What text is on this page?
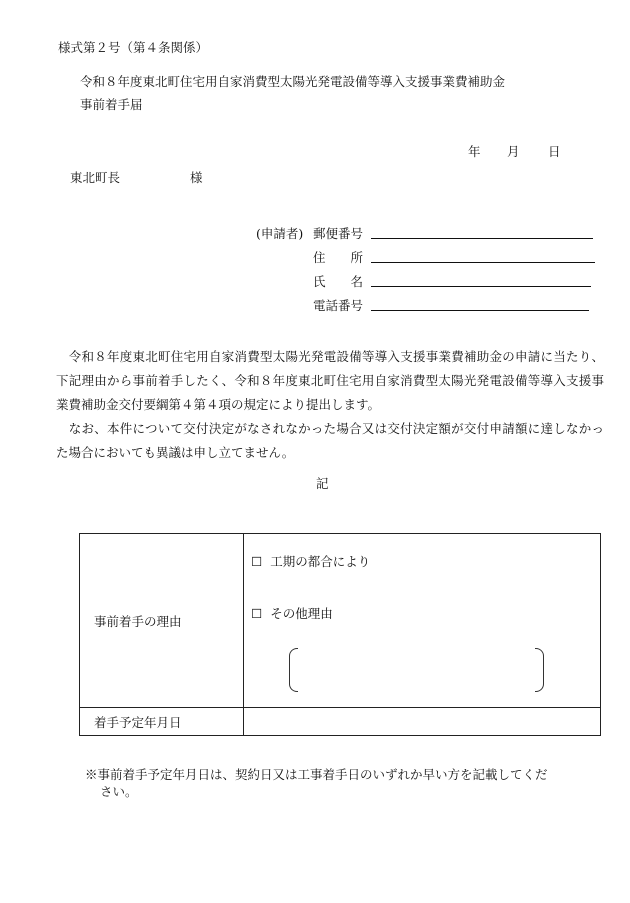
様式第２号（第４条関係）
令和８年度東北町住宅用自家消費型太陽光発電設備等導入支援事業費補助金
事前着手届
年 月 日
東北町長	様
(申請者) 郵便番号
住　　所
氏　　名
電話番号
　令和８年度東北町住宅用自家消費型太陽光発電設備等導入支援事業費補助金の申請に当たり、下記理由から事前着手したく、令和８年度東北町住宅用自家消費型太陽光発電設備等導入支援事業費補助金交付要綱第４第４項の規定により提出します。
　なお、本件について交付決定がなされなかった場合又は交付決定額が交付申請額に達しなかった場合においても異議は申し立てません。
記
事前着手の理由	☐ 工期の都合により
☐ その他理由

着手予定年月日	
※事前着手予定年月日は、契約日又は工事着手日のいずれか早い方を記載してくだ
さい。
